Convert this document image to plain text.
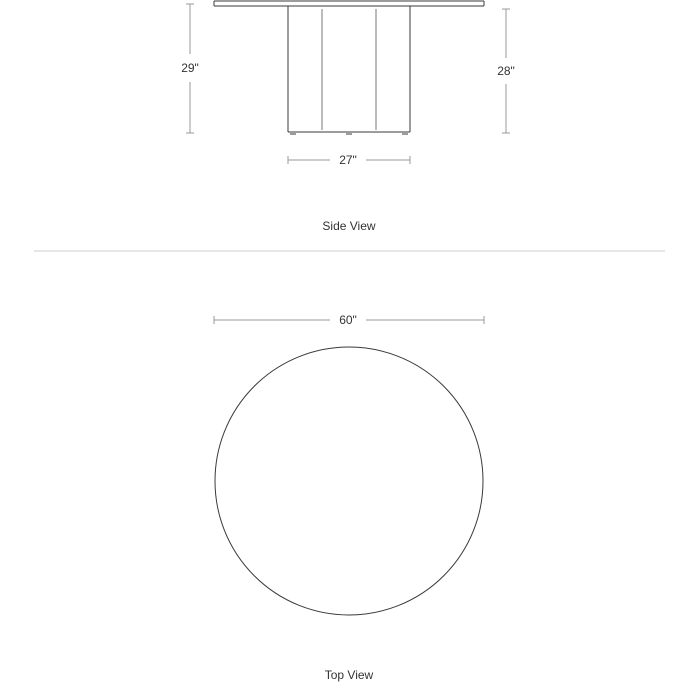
29"	28"
27"
Side View
60"
Top View
